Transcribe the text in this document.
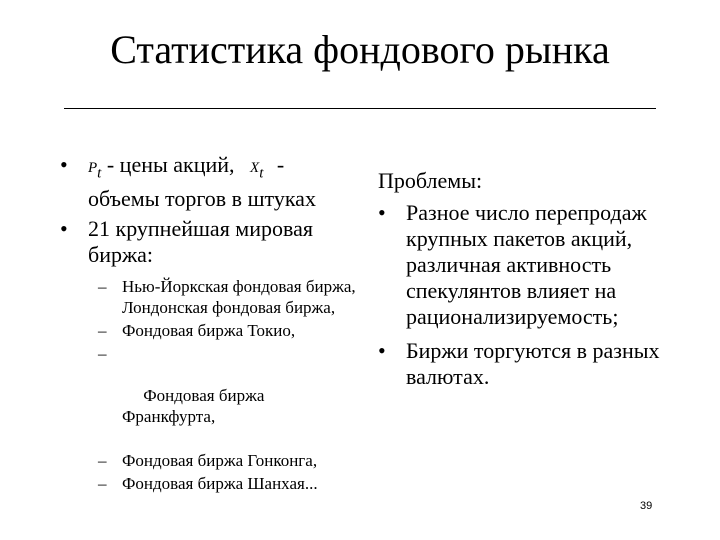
Статистика фондового рынка
• $P_t$ - цены акций, $X_t$ -
объемы торгов в штуках
• 21 крупнейшая мировая биржа:
– Нью-Йоркская фондовая биржа, Лондонская фондовая биржа,
– Фондовая биржа Токио,

–

Фондовая биржа Франкфурта,

– Фондовая биржа Гонконга,
– Фондовая биржа Шанхая...
Проблемы:
• Разное число перепродаж крупных пакетов акций, различная активность спекулянтов влияет на рационализируемость;
• Биржи торгуются в разных валютах.
39
